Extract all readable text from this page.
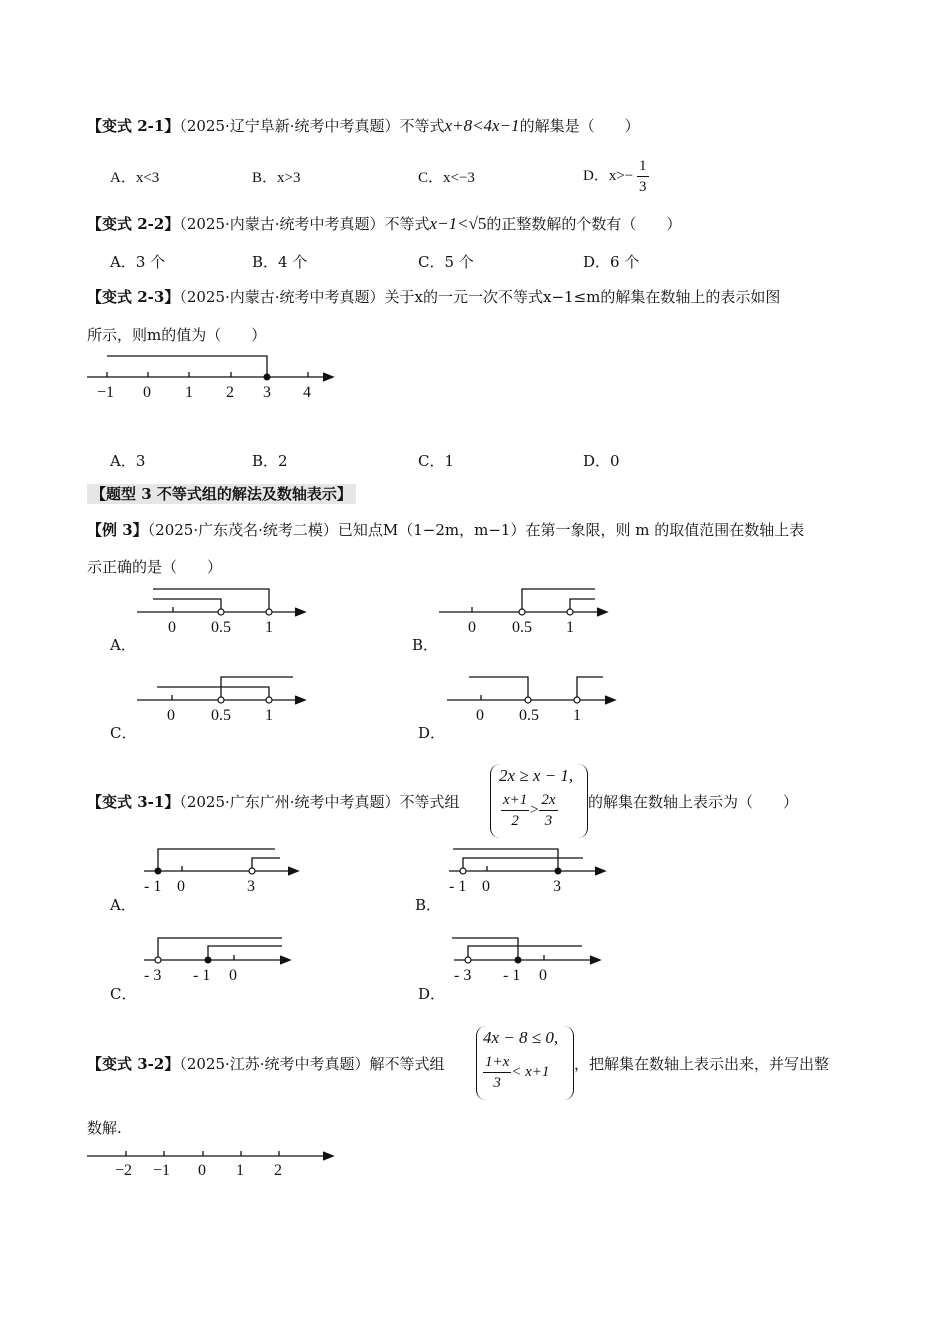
【变式 2-1】（2025·辽宁阜新·统考中考真题）不等式x+8<4x−1的解集是（　　）
A．x<3	B．x>3	C．x<−3	D．$x>- \frac{1}{3}$
【变式 2-2】（2025·内蒙古·统考中考真题）不等式x−1<√5的正整数解的个数有（　　）
A．3 个	B．4 个	C．5 个	D．6 个
【变式 2-3】（2025·内蒙古·统考中考真题）关于x的一元一次不等式x−1≤m的解集在数轴上的表示如图
所示，则m的值为（　　）
−1 0 1 2 3 4
A．3	B．2	C．1	D．0
【题型 3 不等式组的解法及数轴表示】
【例 3】（2025·广东茂名·统考二模）已知点M（1−2m，m−1）在第一象限，则 m 的取值范围在数轴上表
示正确的是（　　）
0 0.5 1
A．
0 0.5 1
B．
0 0.5 1
C．
0 0.5 1
D．
【变式 3-1】（2025·广东广州·统考中考真题）不等式组
2x ≥ x − 1,
$\frac{x+1}{2} > \frac{2x}{3}$ 的解集在数轴上表示为（　　）
- 1 0	3
A．
- 1 0	3
B．
- 3 - 1 0
C．
- 3 - 1 0
D．
【变式 3-2】（2025·江苏·统考中考真题）解不等式组
4x − 8 ≤ 0,
$\frac{1+x}{3} < x+1$ ，把解集在数轴上表示出来，并写出整
数解.
−2 −1 0 1 2
